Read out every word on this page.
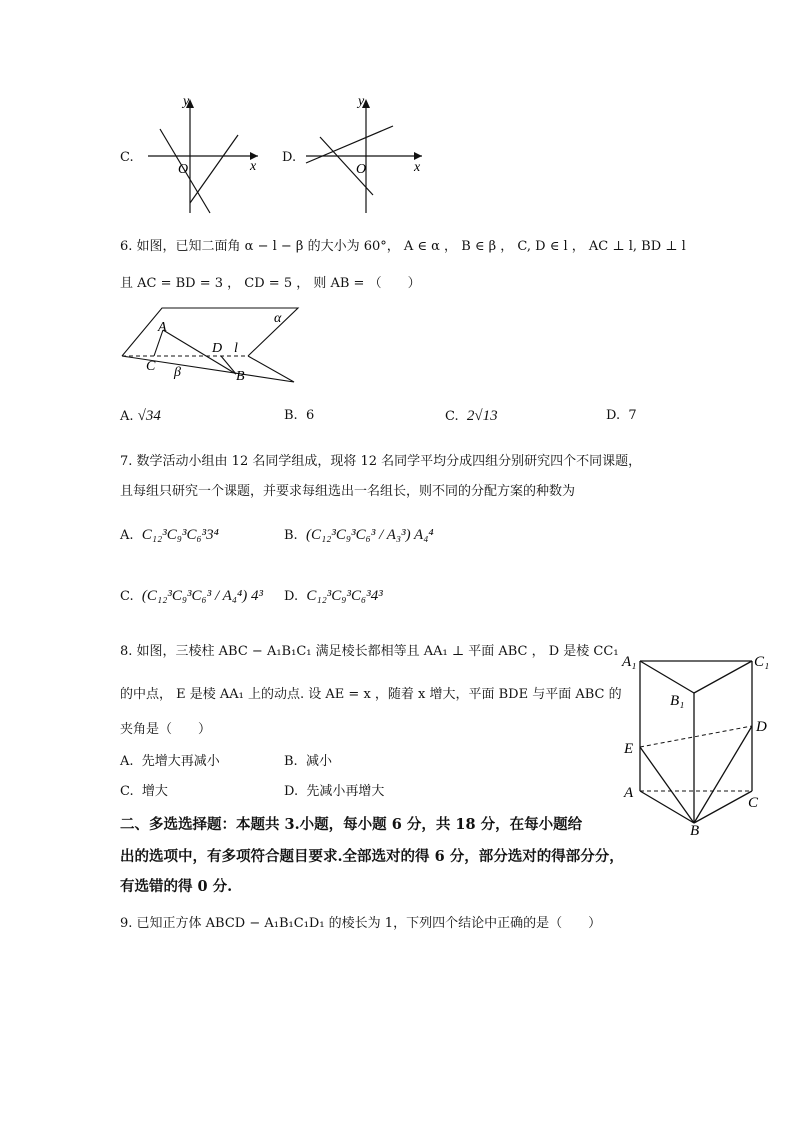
C.
y
x
O
D.
y
x
O
6. 如图，已知二面角 α − l − β 的大小为 60°， A ∈ α ， B ∈ β ， C, D ∈ l ， AC ⊥ l, BD ⊥ l
且 AC = BD = 3 ， CD = 5 ， 则 AB = （　　）
A
C
D l
B
α
β
A. √34	B. 6	C. 2√13	D. 7
7. 数学活动小组由 12 名同学组成，现将 12 名同学平均分成四组分别研究四个不同课题，
且每组只研究一个课题，并要求每组选出一名组长，则不同的分配方案的种数为
A. C₁₂³C₉³C₆³3⁴	B. (C₁₂³C₉³C₆³ / A₃³) A₄⁴
C. (C₁₂³C₉³C₆³ / A₄⁴) 4³ D. C₁₂³C₉³C₆³4³
8. 如图，三棱柱 ABC − A₁B₁C₁ 满足棱长都相等且 AA₁ ⊥ 平面 ABC ， D 是棱 CC₁
的中点， E 是棱 AA₁ 上的动点. 设 AE = x ，随着 x 增大，平面 BDE 与平面 ABC 的
夹角是（　　）
A. 先增大再减小	B. 减小
C. 增大	D. 先减小再增大
A₁	C₁
B₁
D
E
A
C
B
二、多选选择题：本题共 3.小题，每小题 6 分，共 18 分，在每小题给
出的选项中，有多项符合题目要求.全部选对的得 6 分，部分选对的得部分分，
有选错的得 0 分.
9. 已知正方体 ABCD − A₁B₁C₁D₁ 的棱长为 1，下列四个结论中正确的是（　　）
